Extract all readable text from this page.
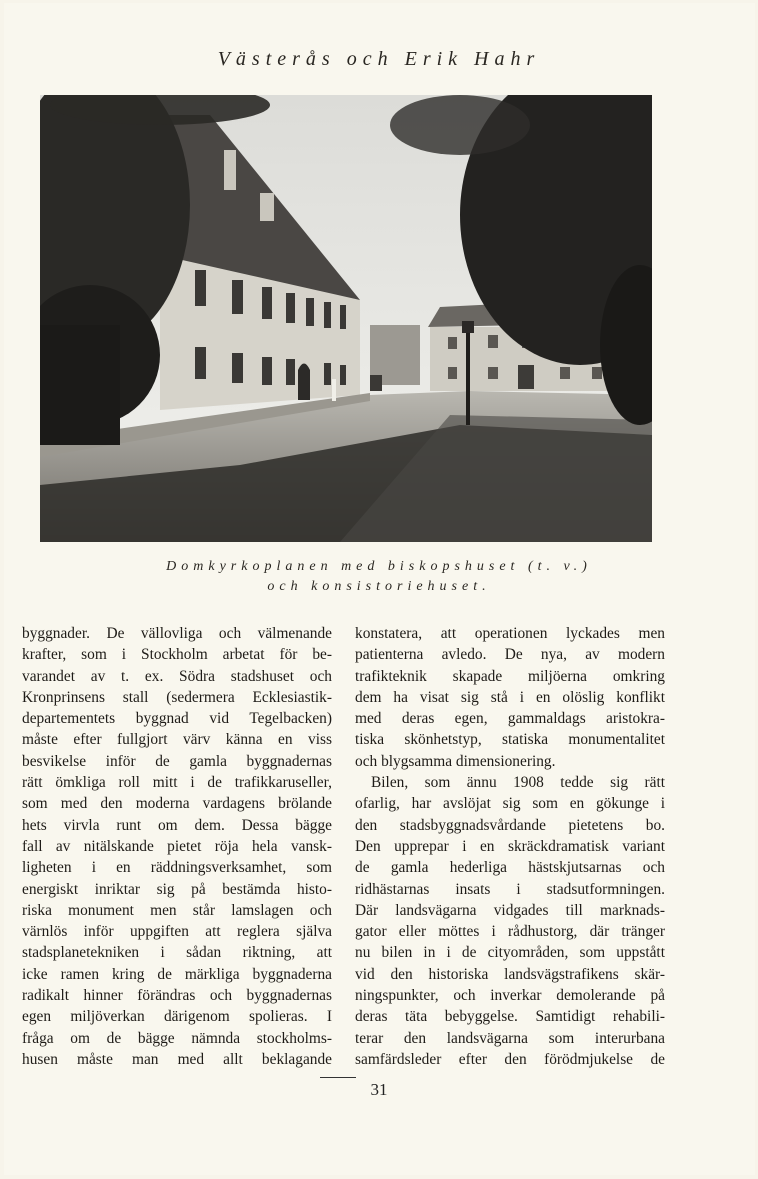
Västerås och Erik Hahr
Domkyrkoplanen med biskopshuset (t. v.)
och konsistoriehuset.
byggnader. De vällovliga och välmenande
krafter, som i Stockholm arbetat för be-
varandet av t. ex. Södra stadshuset och
Kronprinsens stall (sedermera Ecklesiastik-
departementets byggnad vid Tegelbacken)
måste efter fullgjort värv känna en viss
besvikelse inför de gamla byggnadernas
rätt ömkliga roll mitt i de trafikkaruseller,
som med den moderna vardagens brölande
hets virvla runt om dem. Dessa bägge
fall av nitälskande pietet röja hela vansk-
ligheten i en räddningsverksamhet, som
energiskt inriktar sig på bestämda histo-
riska monument men står lamslagen och
värnlös inför uppgiften att reglera själva
stadsplanetekniken i sådan riktning, att
icke ramen kring de märkliga byggnaderna
radikalt hinner förändras och byggnadernas
egen miljöverkan därigenom spolieras. I
fråga om de bägge nämnda stockholms-
husen måste man med allt beklagande
konstatera, att operationen lyckades men
patienterna avledo. De nya, av modern
trafikteknik skapade miljöerna omkring
dem ha visat sig stå i en olöslig konflikt
med deras egen, gammaldags aristokra-
tiska skönhetstyp, statiska monumentalitet
och blygsamma dimensionering.
Bilen, som ännu 1908 tedde sig rätt
ofarlig, har avslöjat sig som en gökunge i
den stadsbyggnadsvårdande pietetens bo.
Den upprepar i en skräckdramatisk variant
de gamla hederliga hästskjutsarnas och
ridhästarnas insats i stadsutformningen.
Där landsvägarna vidgades till marknads-
gator eller möttes i rådhustorg, där tränger
nu bilen in i de cityområden, som uppstått
vid den historiska landsvägstrafikens skär-
ningspunkter, och inverkar demolerande på
deras täta bebyggelse. Samtidigt rehabili-
terar den landsvägarna som interurbana
samfärdsleder efter den förödmjukelse de
31
